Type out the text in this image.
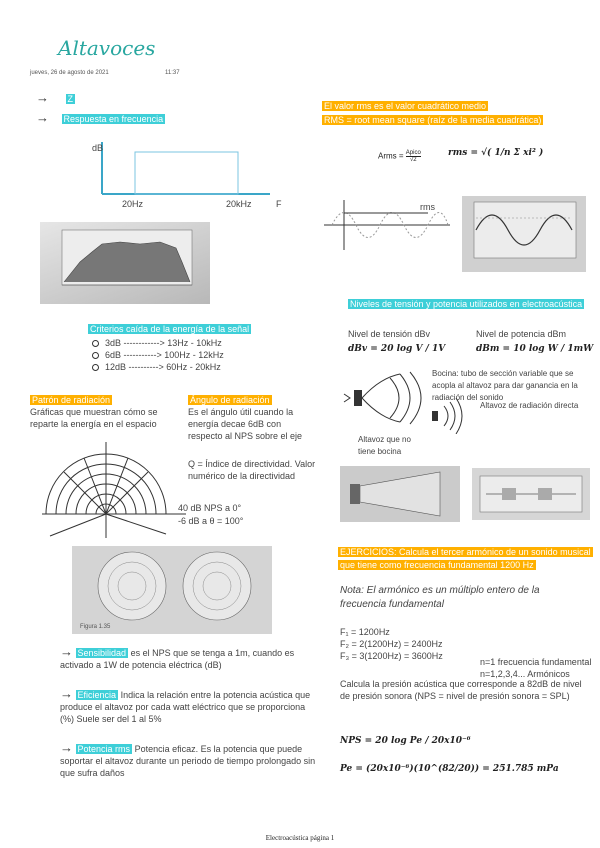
Altavoces
jueves, 26 de agosto de 2021	11:37
→ Z
→ Respuesta en frecuencia
dB
20Hz	20kHz	F
Criterios caída de la energía de la señal
3dB ------------> 13Hz - 10kHz
6dB -----------> 100Hz - 12kHz
12dB ----------> 60Hz - 20kHz
Patrón de radiación
Gráficas que muestran cómo se reparte la energía en el espacio
Ángulo de radiación
Es el ángulo útil cuando la energía decae 6dB con respecto al NPS sobre el eje
Q = Índice de directividad. Valor numérico de la directividad
40 dB NPS a 0°
-6 dB a θ = 100°
Figura 1.35
→ Sensibilidad es el NPS que se tenga a 1m, cuando es activado a 1W de potencia eléctrica (dB)
→ Eficiencia Indica la relación entre la potencia acústica que produce el altavoz por cada watt eléctrico que se proporciona (%) Suele ser del 1 al 5%
→ Potencia rms Potencia eficaz. Es la potencia que puede soportar el altavoz durante un periodo de tiempo prolongado sin que sufra daños
El valor rms es el valor cuadrático medio
RMS = root mean square (raíz de la media cuadrática)
Arms = Apico
√2
rms = √( 1/n Σ xi² )
rms
Niveles de tensión y potencia utilizados en electroacústica
Nivel de tensión dBv
dBv = 20 log V / 1V
Nivel de potencia dBm
dBm = 10 log W / 1mW
Bocina: tubo de sección variable que se acopla al altavoz para dar ganancia en la radiación del sonido
Altavoz que no tiene bocina
Altavoz de radiación directa
EJERCICIOS: Calcula el tercer armónico de un sonido musical
que tiene como frecuencia fundamental 1200 Hz
Nota: El armónico es un múltiplo entero de la frecuencia fundamental
F₁ = 1200Hz
F₂ = 2(1200Hz) = 2400Hz
F₃ = 3(1200Hz) = 3600Hz
n=1 frecuencia fundamental
n=1,2,3,4... Armónicos
Calcula la presión acústica que corresponde a 82dB de nivel de presión sonora (NPS = nivel de presión sonora = SPL)
NPS = 20 log Pe / 20x10⁻⁶
Pe = (20x10⁻⁶)(10^(82/20)) = 251.785 mPa
Electroacústica página 1
